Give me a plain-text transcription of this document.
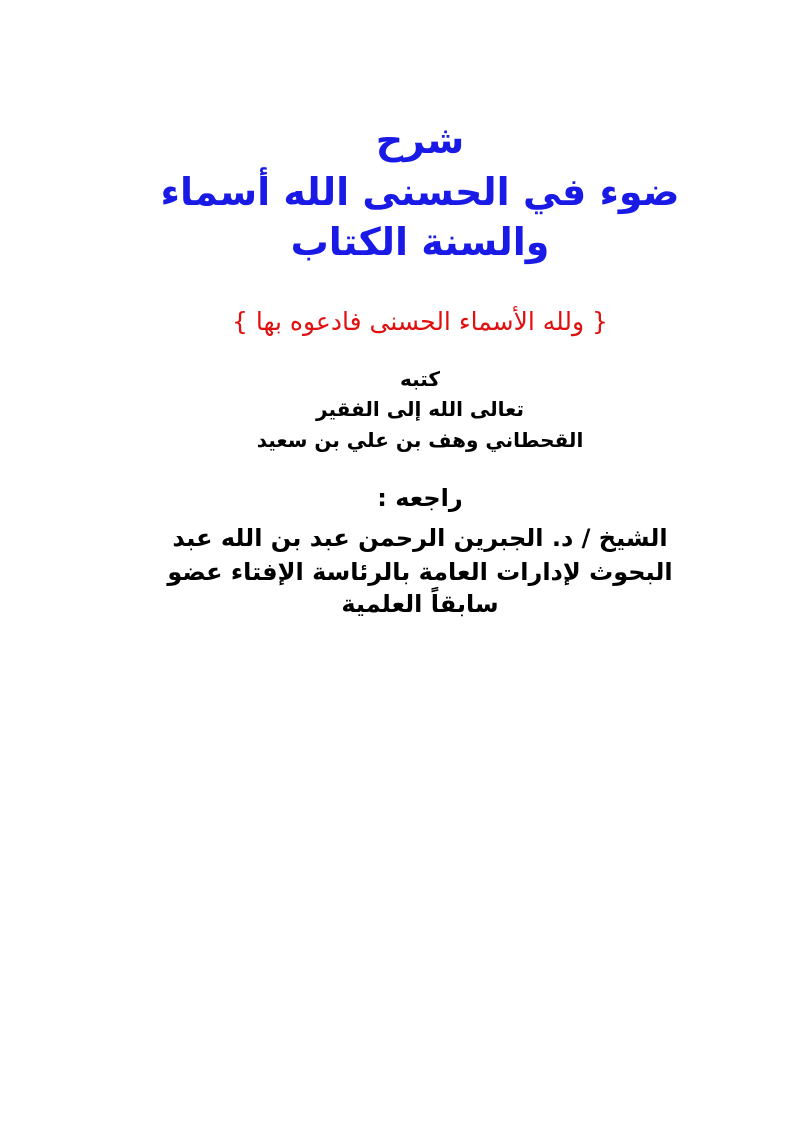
شرح
ضوء في الحسنى الله أسماء
والسنة الكتاب
{ ولله الأسماء الحسنى فادعوه بها }
كتبه
تعالى الله إلى الفقير
القحطاني وهف بن علي بن سعيد
راجعه :
الشيخ / د. الجبرين الرحمن عبد بن الله عبد
البحوث لإدارات العامة بالرئاسة الإفتاء عضو
سابقاً العلمية
